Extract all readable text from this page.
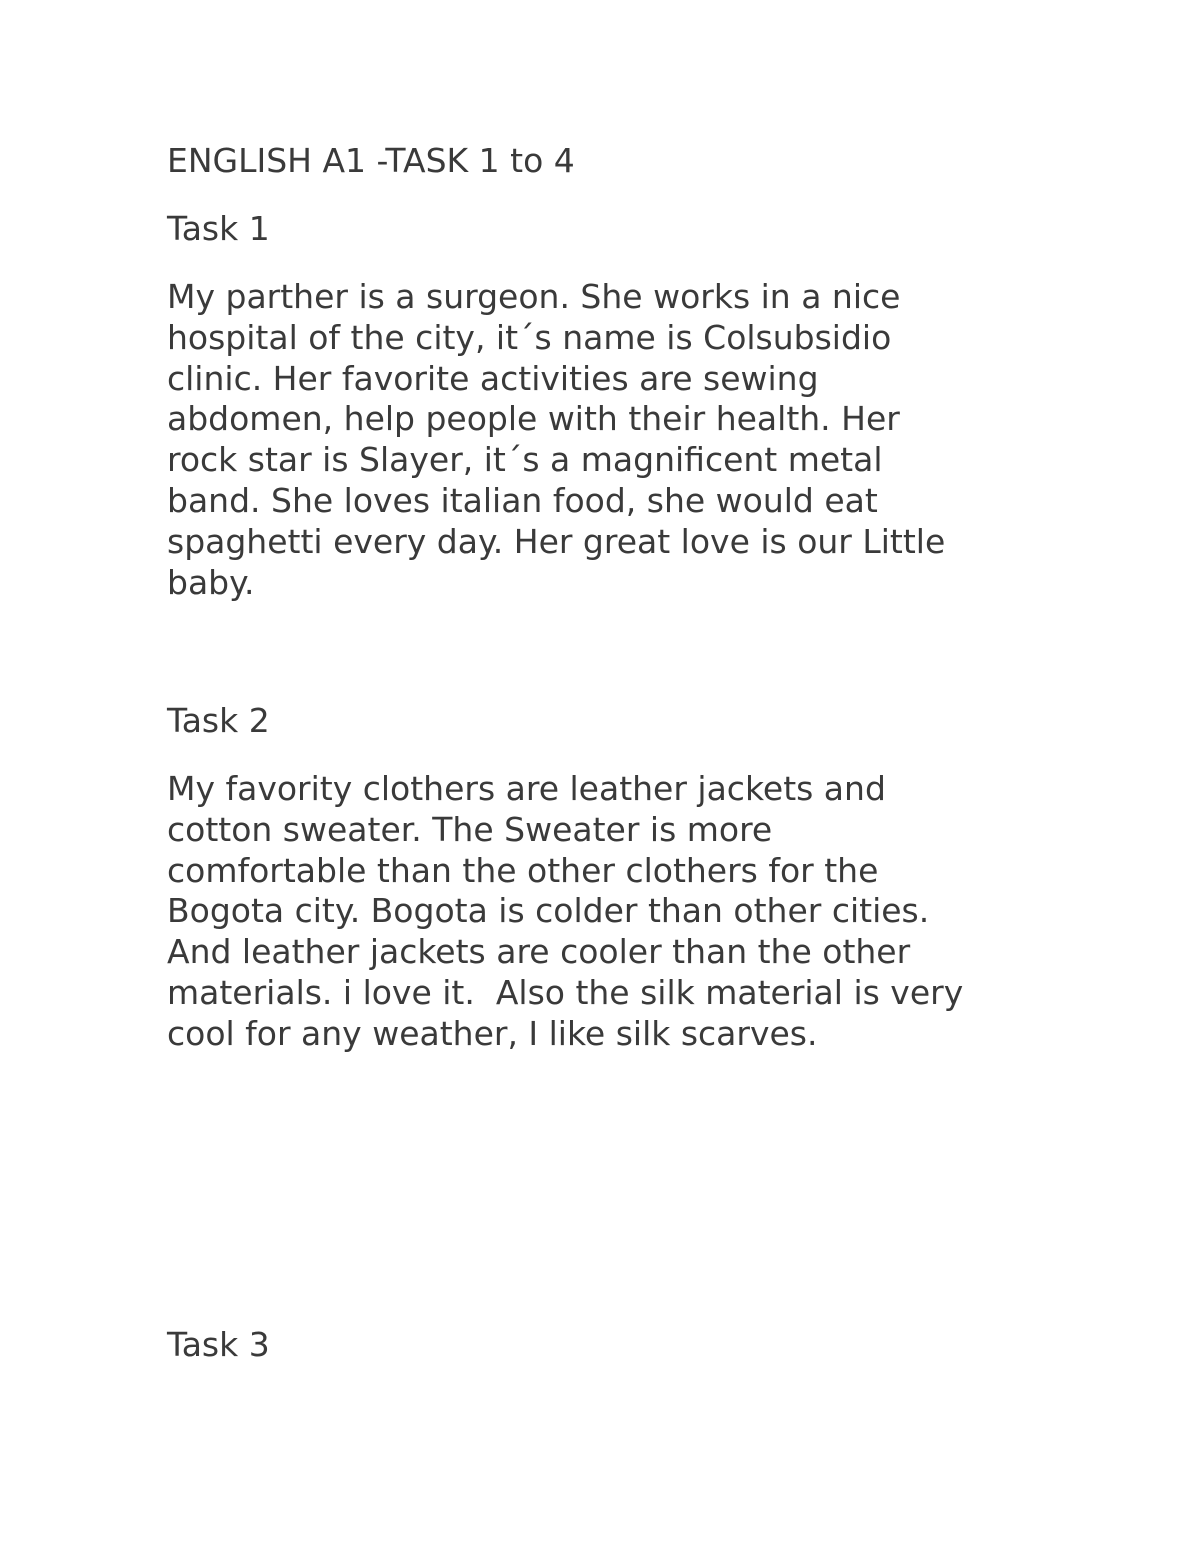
ENGLISH A1 -TASK 1 to 4

Task 1

My parther is a surgeon. She works in a nice
hospital of the city, it´s name is Colsubsidio
clinic. Her favorite activities are sewing
abdomen, help people with their health. Her
rock star is Slayer, it´s a magnificent metal
band. She loves italian food, she would eat
spaghetti every day. Her great love is our Little
baby.

Task 2

My favority clothers are leather jackets and
cotton sweater. The Sweater is more
comfortable than the other clothers for the
Bogota city. Bogota is colder than other cities.
And leather jackets are cooler than the other
materials. i love it.  Also the silk material is very
cool for any weather, I like silk scarves.

Task 3
